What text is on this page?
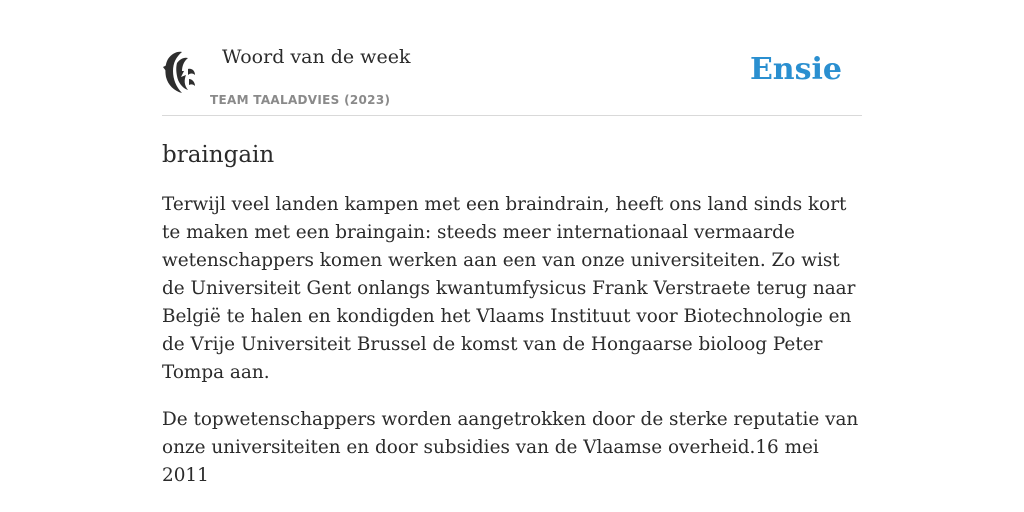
Woord van de week
TEAM TAALADVIES (2023)
Ensie
braingain

Terwijl veel landen kampen met een braindrain, heeft ons land sinds kort te maken met een braingain: steeds meer internationaal vermaarde wetenschappers komen werken aan een van onze universiteiten. Zo wist de Universiteit Gent onlangs kwantumfysicus Frank Verstraete terug naar België te halen en kondigden het Vlaams Instituut voor Biotechnologie en de Vrije Universiteit Brussel de komst van de Hongaarse bioloog Peter Tompa aan.

De topwetenschappers worden aangetrokken door de sterke reputatie van onze universiteiten en door subsidies van de Vlaamse overheid.16 mei 2011
